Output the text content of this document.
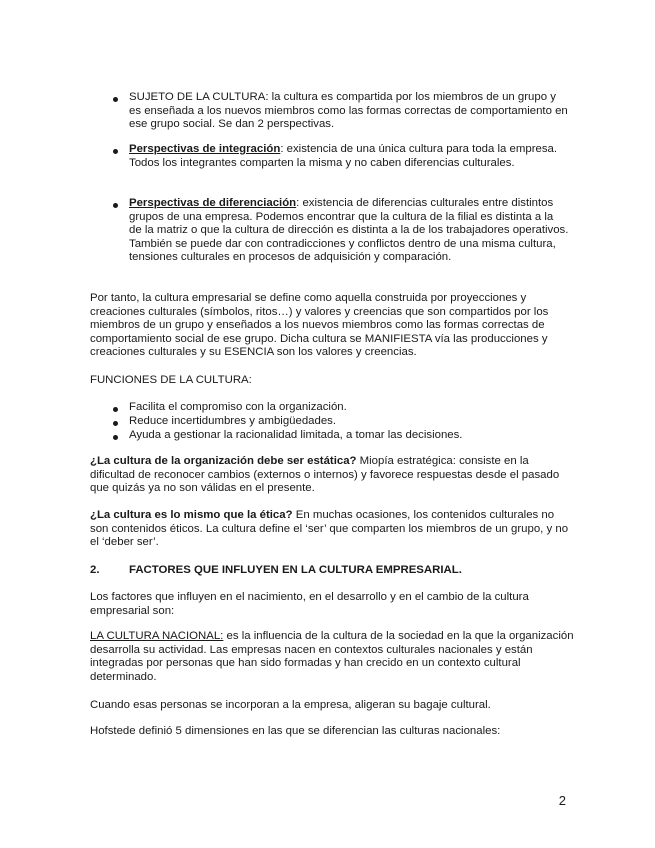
SUJETO DE LA CULTURA: la cultura es compartida por los miembros de un grupo y es enseñada a los nuevos miembros como las formas correctas de comportamiento en ese grupo social. Se dan 2 perspectivas.

Perspectivas de integración: existencia de una única cultura para toda la empresa. Todos los integrantes comparten la misma y no caben diferencias culturales.

Perspectivas de diferenciación: existencia de diferencias culturales entre distintos grupos de una empresa. Podemos encontrar que la cultura de la filial es distinta a la de la matriz o que la cultura de dirección es distinta a la de los trabajadores operativos. También se puede dar con contradicciones y conflictos dentro de una misma cultura, tensiones culturales en procesos de adquisición y comparación.

Por tanto, la cultura empresarial se define como aquella construida por proyecciones y creaciones culturales (símbolos, ritos…) y valores y creencias que son compartidos por los miembros de un grupo y enseñados a los nuevos miembros como las formas correctas de comportamiento social de ese grupo. Dicha cultura se MANIFIESTA vía las producciones y creaciones culturales y su ESENCIA son los valores y creencias.

FUNCIONES DE LA CULTURA:

Facilita el compromiso con la organización.

Reduce incertidumbres y ambigüedades.

Ayuda a gestionar la racionalidad limitada, a tomar las decisiones.

¿La cultura de la organización debe ser estática? Miopía estratégica: consiste en la dificultad de reconocer cambios (externos o internos) y favorece respuestas desde el pasado que quizás ya no son válidas en el presente.

¿La cultura es lo mismo que la ética? En muchas ocasiones, los contenidos culturales no son contenidos éticos. La cultura define el ‘ser’ que comparten los miembros de un grupo, y no el ‘deber ser’.

2.	FACTORES QUE INFLUYEN EN LA CULTURA EMPRESARIAL.

Los factores que influyen en el nacimiento, en el desarrollo y en el cambio de la cultura empresarial son:

LA CULTURA NACIONAL: es la influencia de la cultura de la sociedad en la que la organización desarrolla su actividad. Las empresas nacen en contextos culturales nacionales y están integradas por personas que han sido formadas y han crecido en un contexto cultural determinado.

Cuando esas personas se incorporan a la empresa, aligeran su bagaje cultural.

Hofstede definió 5 dimensiones en las que se diferencian las culturas nacionales:

2
